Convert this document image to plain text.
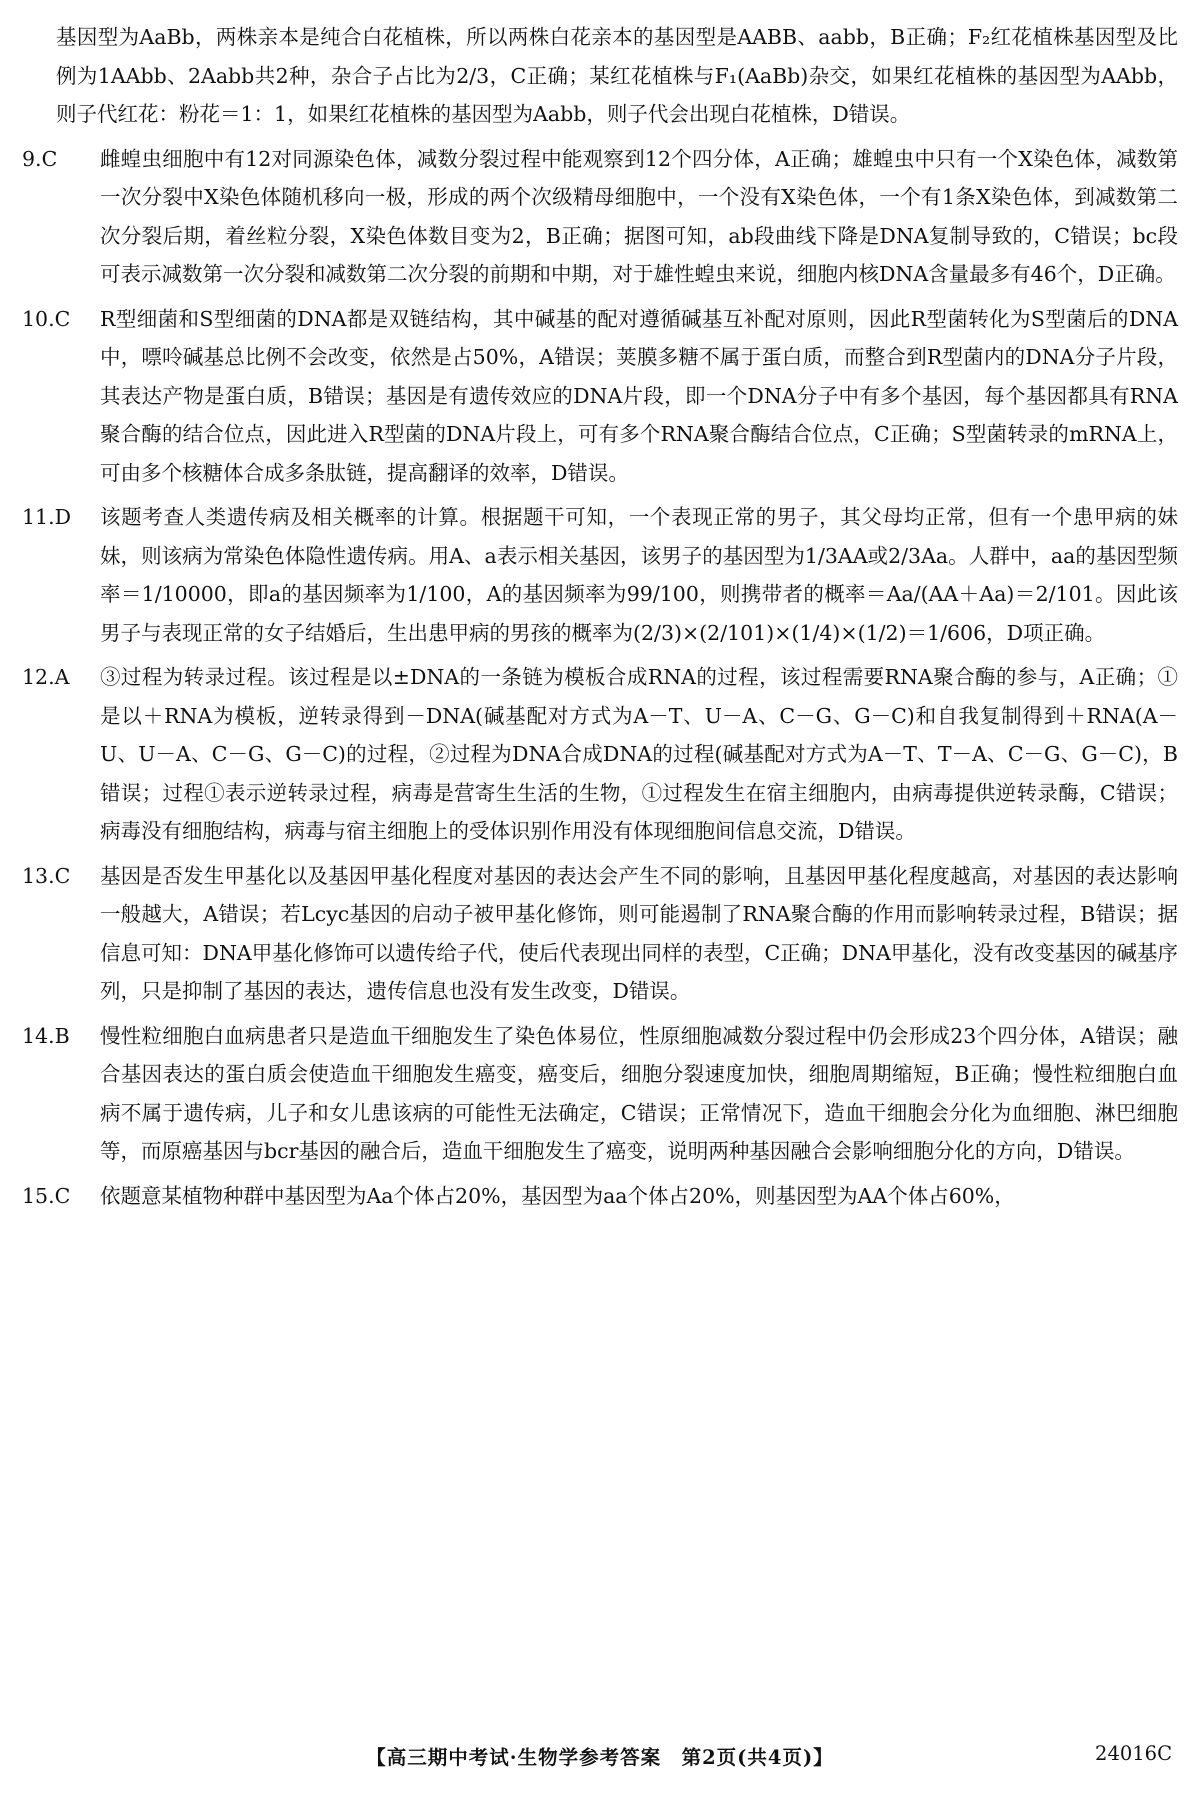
基因型为AaBb，两株亲本是纯合白花植株，所以两株白花亲本的基因型是AABB、aabb，B正确；F₂红花植株基因型及比例为1AAbb、2Aabb共2种，杂合子占比为2/3，C正确；某红花植株与F₁(AaBb)杂交，如果红花植株的基因型为AAbb，则子代红花：粉花＝1：1，如果红花植株的基因型为Aabb，则子代会出现白花植株，D错误。
9.C	雌蝗虫细胞中有12对同源染色体，减数分裂过程中能观察到12个四分体，A正确；雄蝗虫中只有一个X染色体，减数第一次分裂中X染色体随机移向一极，形成的两个次级精母细胞中，一个没有X染色体，一个有1条X染色体，到减数第二次分裂后期，着丝粒分裂，X染色体数目变为2，B正确；据图可知，ab段曲线下降是DNA复制导致的，C错误；bc段可表示减数第一次分裂和减数第二次分裂的前期和中期，对于雄性蝗虫来说，细胞内核DNA含量最多有46个，D正确。
10.C	R型细菌和S型细菌的DNA都是双链结构，其中碱基的配对遵循碱基互补配对原则，因此R型菌转化为S型菌后的DNA中，嘌呤碱基总比例不会改变，依然是占50%，A错误；荚膜多糖不属于蛋白质，而整合到R型菌内的DNA分子片段，其表达产物是蛋白质，B错误；基因是有遗传效应的DNA片段，即一个DNA分子中有多个基因，每个基因都具有RNA聚合酶的结合位点，因此进入R型菌的DNA片段上，可有多个RNA聚合酶结合位点，C正确；S型菌转录的mRNA上，可由多个核糖体合成多条肽链，提高翻译的效率，D错误。
11.D	该题考查人类遗传病及相关概率的计算。根据题干可知，一个表现正常的男子，其父母均正常，但有一个患甲病的妹妹，则该病为常染色体隐性遗传病。用A、a表示相关基因，该男子的基因型为1/3AA或2/3Aa。人群中，aa的基因型频率＝1/10000，即a的基因频率为1/100，A的基因频率为99/100，则携带者的概率＝Aa/(AA＋Aa)＝2/101。因此该男子与表现正常的女子结婚后，生出患甲病的男孩的概率为(2/3)×(2/101)×(1/4)×(1/2)＝1/606，D项正确。
12.A	③过程为转录过程。该过程是以±DNA的一条链为模板合成RNA的过程，该过程需要RNA聚合酶的参与，A正确；①是以＋RNA为模板，逆转录得到－DNA(碱基配对方式为A－T、U－A、C－G、G－C)和自我复制得到＋RNA(A－U、U－A、C－G、G－C)的过程，②过程为DNA合成DNA的过程(碱基配对方式为A－T、T－A、C－G、G－C)，B错误；过程①表示逆转录过程，病毒是营寄生生活的生物，①过程发生在宿主细胞内，由病毒提供逆转录酶，C错误；病毒没有细胞结构，病毒与宿主细胞上的受体识别作用没有体现细胞间信息交流，D错误。
13.C	基因是否发生甲基化以及基因甲基化程度对基因的表达会产生不同的影响，且基因甲基化程度越高，对基因的表达影响一般越大，A错误；若Lcyc基因的启动子被甲基化修饰，则可能遏制了RNA聚合酶的作用而影响转录过程，B错误；据信息可知：DNA甲基化修饰可以遗传给子代，使后代表现出同样的表型，C正确；DNA甲基化，没有改变基因的碱基序列，只是抑制了基因的表达，遗传信息也没有发生改变，D错误。
14.B	慢性粒细胞白血病患者只是造血干细胞发生了染色体易位，性原细胞减数分裂过程中仍会形成23个四分体，A错误；融合基因表达的蛋白质会使造血干细胞发生癌变，癌变后，细胞分裂速度加快，细胞周期缩短，B正确；慢性粒细胞白血病不属于遗传病，儿子和女儿患该病的可能性无法确定，C错误；正常情况下，造血干细胞会分化为血细胞、淋巴细胞等，而原癌基因与bcr基因的融合后，造血干细胞发生了癌变，说明两种基因融合会影响细胞分化的方向，D错误。
15.C	依题意某植物种群中基因型为Aa个体占20%，基因型为aa个体占20%，则基因型为AA个体占60%，
【高三期中考试·生物学参考答案　第2页(共4页)】	24016C
